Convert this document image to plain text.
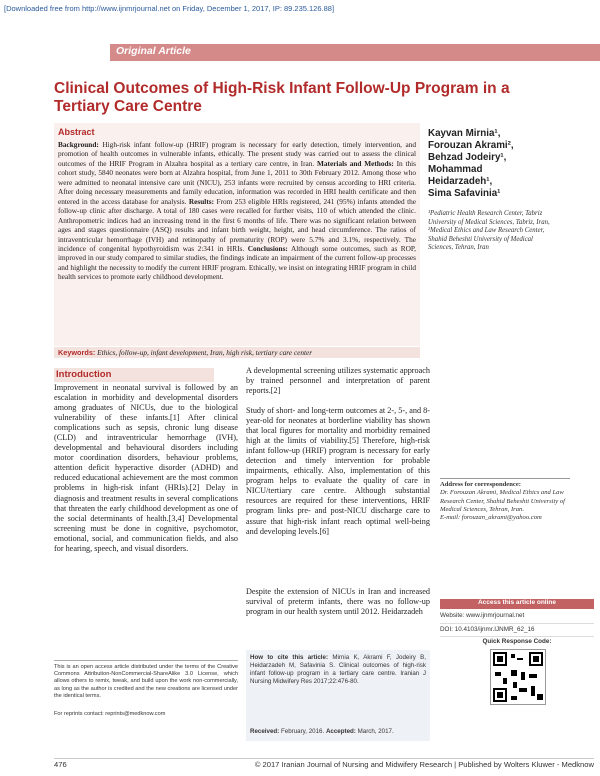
[Downloaded free from http://www.ijnmrjournal.net on Friday, December 1, 2017, IP: 89.235.126.88]
Original Article
Clinical Outcomes of High-Risk Infant Follow-Up Program in a Tertiary Care Centre
Abstract

Background: High-risk infant follow-up (HRIF) program is necessary for early detection, timely intervention, and promotion of health outcomes in vulnerable infants, ethically. The present study was carried out to assess the clinical outcomes of the HRIF Program in Alzahra hospital as a tertiary care centre, in Iran. Materials and Methods: In this cohort study, 5840 neonates were born at Alzahra hospital, from June 1, 2011 to 30th February 2012. Among those who were admitted to neonatal intensive care unit (NICU), 253 infants were recruited by census according to HRI criteria. After doing necessary measurements and family education, information was recorded in HRI health certificate and then entered in the access database for analysis. Results: From 253 eligible HRIs registered, 241 (95%) infants attended the follow-up clinic after discharge. A total of 180 cases were recalled for further visits, 110 of which attended the clinic. Anthropometric indices had an increasing trend in the first 6 months of life. There was no significant relation between ages and stages questionnaire (ASQ) results and infant birth weight, height, and head circumference. The ratios of intraventricular hemorrhage (IVH) and retinopathy of prematurity (ROP) were 5.7% and 3.1%, respectively. The incidence of congenital hypothyroidism was 2:341 in HRIs. Conclusions: Although some outcomes, such as ROP, improved in our study compared to similar studies, the findings indicate an impairment of the current follow-up processes and highlight the necessity to modify the current HRIF program. Ethically, we insist on integrating HRIF program in child health services to promote early childhood development.

Keywords: Ethics, follow-up, infant development, Iran, high risk, tertiary care center
Kayvan Mirnia¹,
Forouzan Akrami²,
Behzad Jodeiry¹,
Mohammad
Heidarzadeh¹,
Sima Safavinia¹
¹Pediatric Health Research Center, Tabriz University of Medical Sciences, Tabriz, Iran, ²Medical Ethics and Law Research Center, Shahid Beheshti University of Medical Sciences, Tehran, Iran
Introduction

Improvement in neonatal survival is followed by an escalation in morbidity and developmental disorders among graduates of NICUs, due to the biological vulnerability of these infants.[1] After clinical complications such as sepsis, chronic lung disease (CLD) and intraventricular hemorrhage (IVH), developmental and behavioural disorders including motor coordination disorders, behaviour problems, attention deficit hyperactive disorder (ADHD) and reduced educational achievement are the most common problems in high-risk infant (HRIs).[2] Delay in diagnosis and treatment results in several complications that threaten the early childhood development as one of the social determinants of health.[3,4] Developmental screening must be done in cognitive, psychomotor, emotional, social, and communication fields, and also for hearing, speech, and visual disorders.

A developmental screening utilizes systematic approach by trained personnel and interpretation of parent reports.[2]

Study of short- and long-term outcomes at 2-, 5-, and 8-year-old for neonates at borderline viability has shown that local figures for mortality and morbidity remained high at the limits of viability.[5] Therefore, high-risk infant follow-up (HRIF) program is necessary for early detection and timely intervention for probable impairments, ethically. Also, implementation of this program helps to evaluate the quality of care in NICU/tertiary care centre. Although substantial resources are required for these interventions, HRIF program links pre- and post-NICU discharge care to assure that high-risk infant reach optimal well-being and developing levels.[6]

Despite the extension of NICUs in Iran and increased survival of preterm infants, there was no follow-up program in our health system until 2012. Heidarzadeh

Address for correspondence:
Dr. Forouzan Akrami, Medical Ethics and Law Research Center, Shahid Beheshti University of Medical Sciences, Tehran, Iran.
E-mail: forouzan_akrami@yahoo.com
Access this article online
Website: www.ijnmrjournal.net
DOI: 10.4103/ijnmr.IJNMR_62_16
Quick Response Code:
How to cite this article: Mirnia K, Akrami F, Jodeiry B, Heidarzadeh M, Safavinia S. Clinical outcomes of high-risk infant follow-up program in a tertiary care centre. Iranian J Nursing Midwifery Res 2017;22:476-80.
Received: February, 2016. Accepted: March, 2017.
This is an open access article distributed under the terms of the Creative Commons Attribution-NonCommercial-ShareAlike 3.0 License, which allows others to remix, tweak, and build upon the work non-commercially, as long as the author is credited and the new creations are licensed under the identical terms.
For reprints contact: reprints@medknow.com
476	© 2017 Iranian Journal of Nursing and Midwifery Research | Published by Wolters Kluwer - Medknow
